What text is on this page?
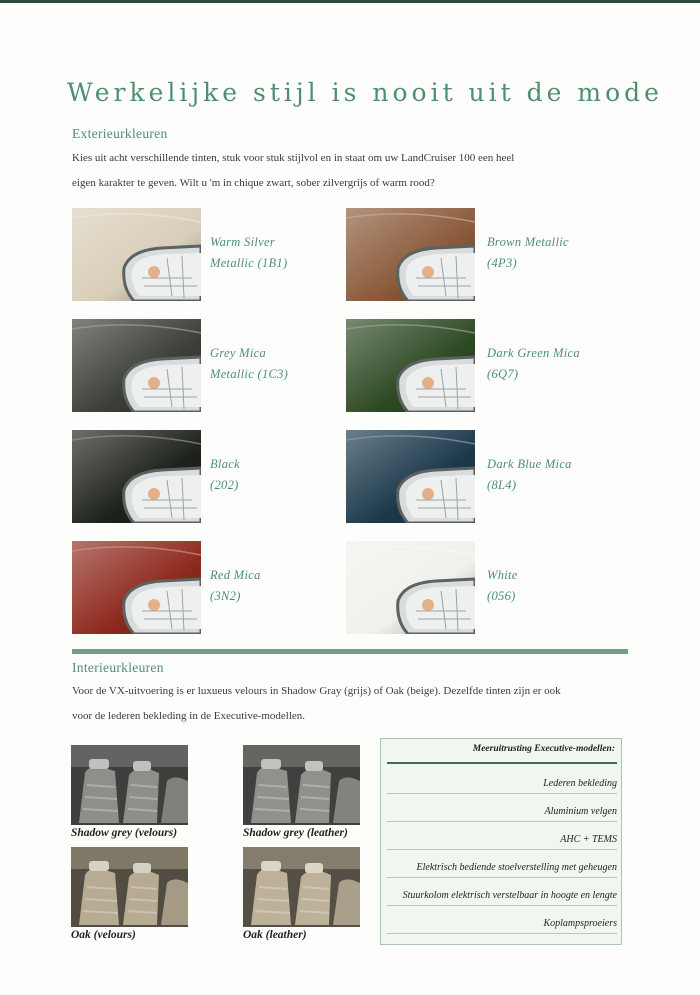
Werkelijke stijl is nooit uit de mode
Exterieurkleuren
Kies uit acht verschillende tinten, stuk voor stuk stijlvol en in staat om uw LandCruiser 100 een heel
eigen karakter te geven. Wilt u 'm in chique zwart, sober zilvergrijs of warm rood?
Warm Silver
Metallic (1B1)
Brown Metallic
(4P3)
Grey Mica
Metallic (1C3)
Dark Green Mica
(6Q7)
Black
(202)
Dark Blue Mica
(8L4)
Red Mica
(3N2)
White
(056)
Interieurkleuren
Voor de VX-uitvoering is er luxueus velours in Shadow Gray (grijs) of Oak (beige). Dezelfde tinten zijn er ook
voor de lederen bekleding in de Executive-modellen.
Shadow grey (velours)	Shadow grey (leather)
Oak (velours)	Oak (leather)
Meeruitrusting Executive-modellen:
Lederen bekleding
Aluminium velgen
AHC + TEMS
Elektrisch bediende stoelverstelling met geheugen
Stuurkolom elektrisch verstelbaar in hoogte en lengte
Koplampsproeiers
